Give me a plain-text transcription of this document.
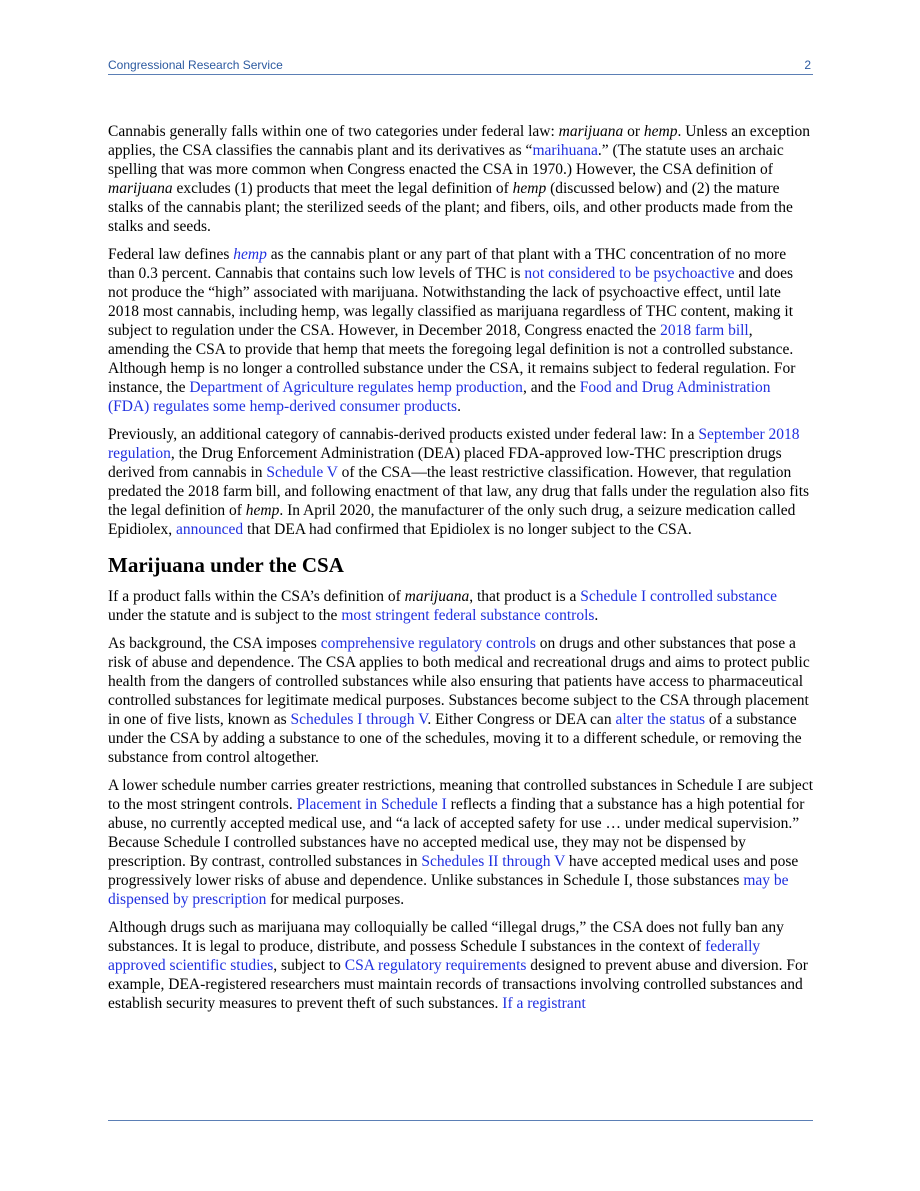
Congressional Research Service	2

Cannabis generally falls within one of two categories under federal law: marijuana or hemp. Unless an exception applies, the CSA classifies the cannabis plant and its derivatives as “marihuana.” (The statute uses an archaic spelling that was more common when Congress enacted the CSA in 1970.) However, the CSA definition of marijuana excludes (1) products that meet the legal definition of hemp (discussed below) and (2) the mature stalks of the cannabis plant; the sterilized seeds of the plant; and fibers, oils, and other products made from the stalks and seeds.

Federal law defines hemp as the cannabis plant or any part of that plant with a THC concentration of no more than 0.3 percent. Cannabis that contains such low levels of THC is not considered to be psychoactive and does not produce the “high” associated with marijuana. Notwithstanding the lack of psychoactive effect, until late 2018 most cannabis, including hemp, was legally classified as marijuana regardless of THC content, making it subject to regulation under the CSA. However, in December 2018, Congress enacted the 2018 farm bill, amending the CSA to provide that hemp that meets the foregoing legal definition is not a controlled substance. Although hemp is no longer a controlled substance under the CSA, it remains subject to federal regulation. For instance, the Department of Agriculture regulates hemp production, and the Food and Drug Administration (FDA) regulates some hemp-derived consumer products.

Previously, an additional category of cannabis-derived products existed under federal law: In a September 2018 regulation, the Drug Enforcement Administration (DEA) placed FDA-approved low-THC prescription drugs derived from cannabis in Schedule V of the CSA—the least restrictive classification. However, that regulation predated the 2018 farm bill, and following enactment of that law, any drug that falls under the regulation also fits the legal definition of hemp. In April 2020, the manufacturer of the only such drug, a seizure medication called Epidiolex, announced that DEA had confirmed that Epidiolex is no longer subject to the CSA.

Marijuana under the CSA

If a product falls within the CSA’s definition of marijuana, that product is a Schedule I controlled substance under the statute and is subject to the most stringent federal substance controls.

As background, the CSA imposes comprehensive regulatory controls on drugs and other substances that pose a risk of abuse and dependence. The CSA applies to both medical and recreational drugs and aims to protect public health from the dangers of controlled substances while also ensuring that patients have access to pharmaceutical controlled substances for legitimate medical purposes. Substances become subject to the CSA through placement in one of five lists, known as Schedules I through V. Either Congress or DEA can alter the status of a substance under the CSA by adding a substance to one of the schedules, moving it to a different schedule, or removing the substance from control altogether.

A lower schedule number carries greater restrictions, meaning that controlled substances in Schedule I are subject to the most stringent controls. Placement in Schedule I reflects a finding that a substance has a high potential for abuse, no currently accepted medical use, and “a lack of accepted safety for use … under medical supervision.” Because Schedule I controlled substances have no accepted medical use, they may not be dispensed by prescription. By contrast, controlled substances in Schedules II through V have accepted medical uses and pose progressively lower risks of abuse and dependence. Unlike substances in Schedule I, those substances may be dispensed by prescription for medical purposes.

Although drugs such as marijuana may colloquially be called “illegal drugs,” the CSA does not fully ban any substances. It is legal to produce, distribute, and possess Schedule I substances in the context of federally approved scientific studies, subject to CSA regulatory requirements designed to prevent abuse and diversion. For example, DEA-registered researchers must maintain records of transactions involving controlled substances and establish security measures to prevent theft of such substances. If a registrant
